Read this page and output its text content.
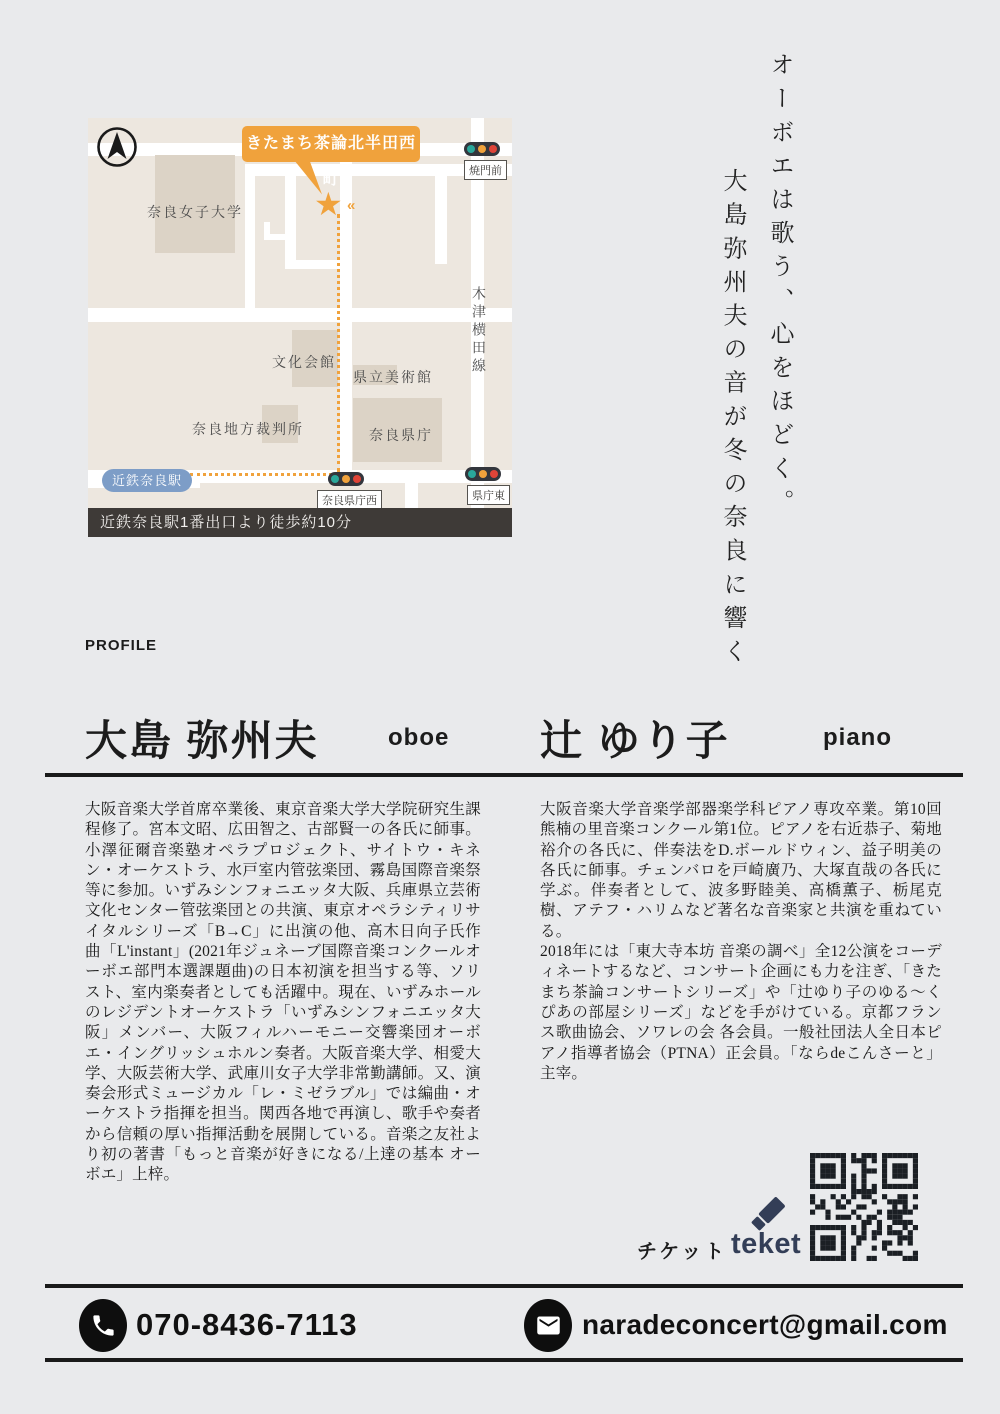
奈良女子大学
文化会館
県立美術館
奈良地方裁判所	奈良県庁
木津横田線
近鉄奈良駅
焼門前
奈良県庁西	県庁東
きたまち茶論北半田西町
★ «
近鉄奈良駅1番出口より徒歩約10分
オーボエは歌う、心をほどく。
大島弥州夫の音が冬の奈良に響く
PROFILE
大島 弥州夫	oboe 辻 ゆり子	piano
大阪音楽大学首席卒業後、東京音楽大学大学院研究生課程修了。宮本文昭、広田智之、古部賢一の各氏に師事。小澤征爾音楽塾オペラプロジェクト、サイトウ・キネン・オーケストラ、水戸室内管弦楽団、霧島国際音楽祭等に参加。いずみシンフォニエッタ大阪、兵庫県立芸術文化センター管弦楽団との共演、東京オペラシティリサイタルシリーズ「B→C」に出演の他、高木日向子氏作曲「L'instant」(2021年ジュネーブ国際音楽コンクールオーボエ部門本選課題曲)の日本初演を担当する等、ソリスト、室内楽奏者としても活躍中。現在、いずみホールのレジデントオーケストラ「いずみシンフォニエッタ大阪」メンバー、大阪フィルハーモニー交響楽団オーボエ・イングリッシュホルン奏者。大阪音楽大学、相愛大学、大阪芸術大学、武庫川女子大学非常勤講師。又、演奏会形式ミュージカル「レ・ミゼラブル」では編曲・オーケストラ指揮を担当。関西各地で再演し、歌手や奏者から信頼の厚い指揮活動を展開している。音楽之友社より初の著書「もっと音楽が好きになる/上達の基本 オーボエ」上梓。

大阪音楽大学音楽学部器楽学科ピアノ専攻卒業。第10回熊楠の里音楽コンクール第1位。ピアノを右近恭子、菊地裕介の各氏に、伴奏法をD.ボールドウィン、益子明美の各氏に師事。チェンバロを戸崎廣乃、大塚直哉の各氏に学ぶ。伴奏者として、波多野睦美、高橋薫子、栃尾克樹、アテフ・ハリムなど著名な音楽家と共演を重ねている。

2018年には「東大寺本坊 音楽の調べ」全12公演をコーディネートするなど、コンサート企画にも力を注ぎ、「きたまち茶論コンサートシリーズ」や「辻ゆり子のゆる〜くぴあの部屋シリーズ」などを手がけている。京都フランス歌曲協会、ソワレの会 各会員。一般社団法人全日本ピアノ指導者協会（PTNA）正会員。「ならdeこんさーと」主宰。

チケット teket
070-8436-7113	naradeconcert@gmail.com
